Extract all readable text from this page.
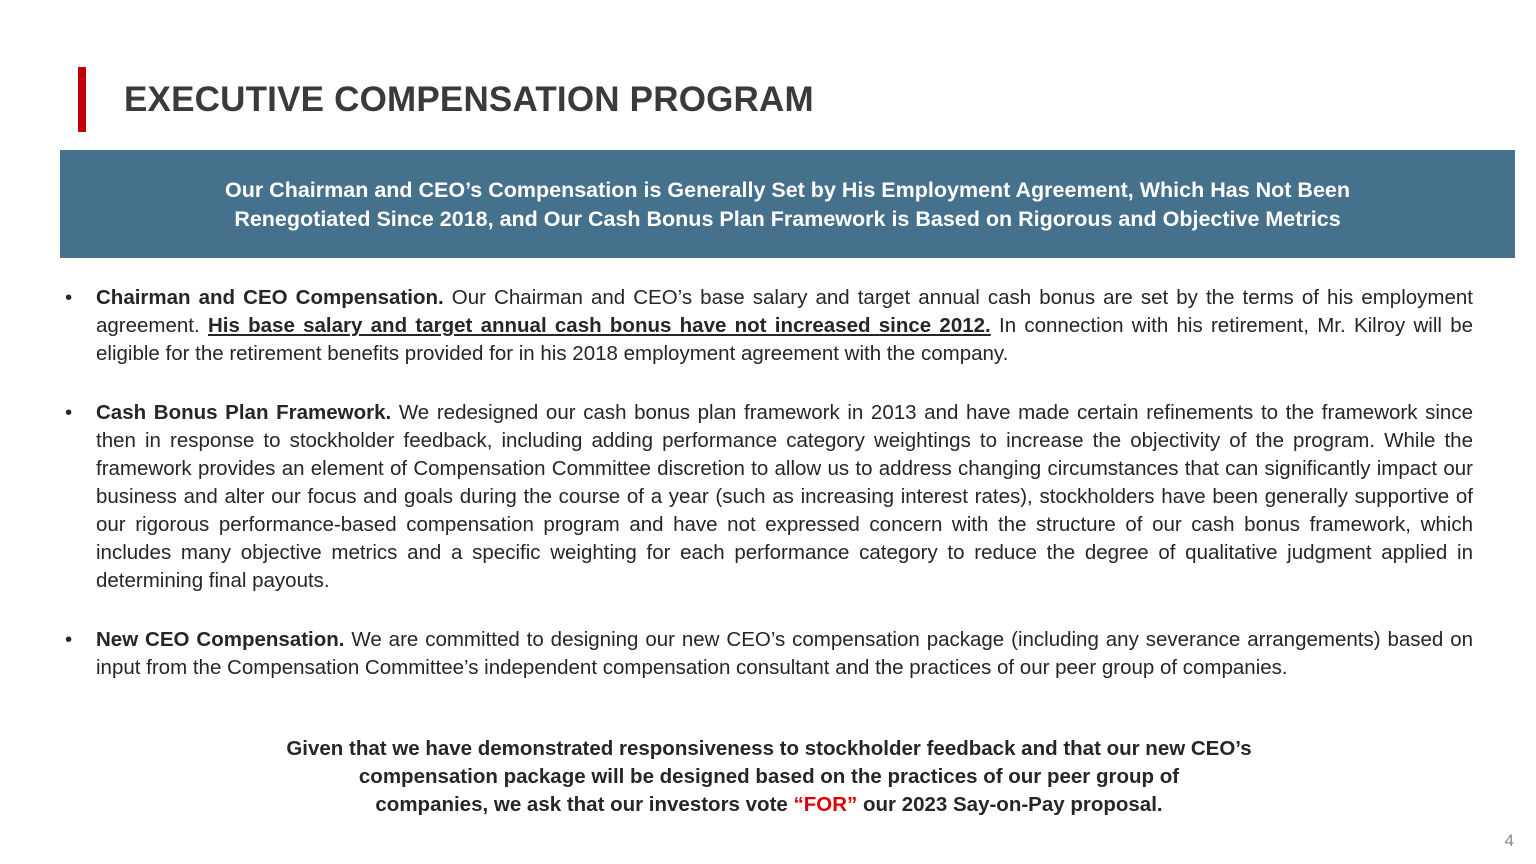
EXECUTIVE COMPENSATION PROGRAM
Our Chairman and CEO’s Compensation is Generally Set by His Employment Agreement, Which Has Not Been
Renegotiated Since 2018, and Our Cash Bonus Plan Framework is Based on Rigorous and Objective Metrics
• Chairman and CEO Compensation. Our Chairman and CEO’s base salary and target annual cash bonus are set by the terms of his employment agreement. His base salary and target annual cash bonus have not increased since 2012. In connection with his retirement, Mr. Kilroy will be eligible for the retirement benefits provided for in his 2018 employment agreement with the company.
• Cash Bonus Plan Framework. We redesigned our cash bonus plan framework in 2013 and have made certain refinements to the framework since then in response to stockholder feedback, including adding performance category weightings to increase the objectivity of the program. While the framework provides an element of Compensation Committee discretion to allow us to address changing circumstances that can significantly impact our business and alter our focus and goals during the course of a year (such as increasing interest rates), stockholders have been generally supportive of our rigorous performance-based compensation program and have not expressed concern with the structure of our cash bonus framework, which includes many objective metrics and a specific weighting for each performance category to reduce the degree of qualitative judgment applied in determining final payouts.
• New CEO Compensation. We are committed to designing our new CEO’s compensation package (including any severance arrangements) based on input from the Compensation Committee’s independent compensation consultant and the practices of our peer group of companies.
Given that we have demonstrated responsiveness to stockholder feedback and that our new CEO’s
compensation package will be designed based on the practices of our peer group of
companies, we ask that our investors vote “FOR” our 2023 Say-on-Pay proposal.
4
